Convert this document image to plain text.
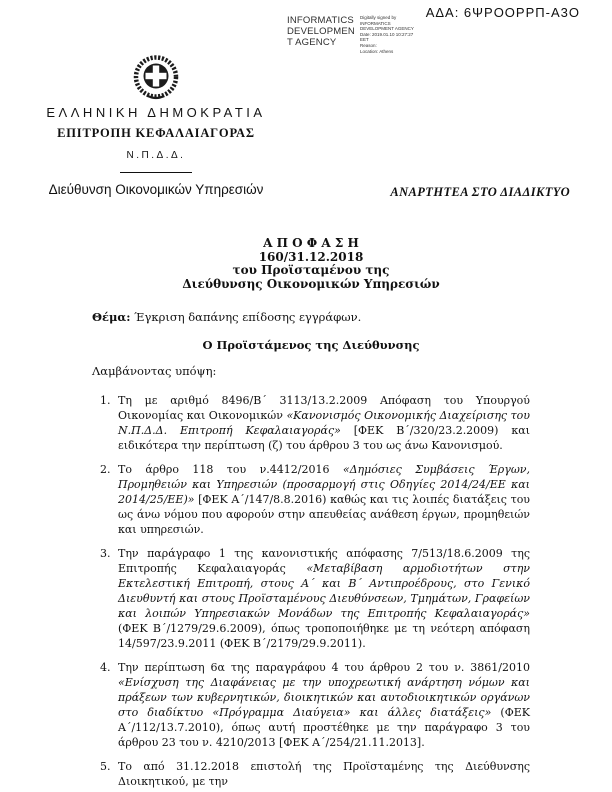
ΑΔΑ: 6ΨΡΟΟΡΡΠ-Α3Ο
INFORMATICS
DEVELOPMEN
T AGENCY
Digitally signed by
INFORMATICS
DEVELOPMENT AGENCY
Date: 2019.01.10 10:27:27
EET
Reason:
Location: Athens
ΕΛΛΗΝΙΚΗ ΔΗΜΟΚΡΑΤΙΑ
ΕΠΙΤΡΟΠΗ ΚΕΦΑΛΑΙΑΓΟΡΑΣ
Ν.Π.Δ.Δ.
Διεύθυνση Οικονομικών Υπηρεσιών	ΑΝΑΡΤΗΤΕΑ ΣΤΟ ΔΙΑΔΙΚΤΥΟ
Α Π Ο Φ Α Σ Η
160/31.12.2018
του Προϊσταμένου της
Διεύθυνσης Οικονομικών Υπηρεσιών
Θέμα: Έγκριση δαπάνης επίδοσης εγγράφων.
Ο Προϊστάμενος της Διεύθυνσης
Λαμβάνοντας υπόψη:
1. Τη με αριθμό 8496/Β΄ 3113/13.2.2009 Απόφαση του Υπουργού Οικονομίας και Οικονομικών «Κανονισμός Οικονομικής Διαχείρισης του Ν.Π.Δ.Δ. Επιτροπή Κεφαλαιαγοράς» [ΦΕΚ Β΄/320/23.2.2009) και ειδικότερα την περίπτωση (ζ) του άρθρου 3 του ως άνω Κανονισμού.
2. Το άρθρο 118 του ν.4412/2016 «Δημόσιες Συμβάσεις Έργων, Προμηθειών και Υπηρεσιών (προσαρμογή στις Οδηγίες 2014/24/ΕΕ και 2014/25/ΕΕ)» [ΦΕΚ Α΄/147/8.8.2016) καθώς και τις λοιπές διατάξεις του ως άνω νόμου που αφορούν στην απευθείας ανάθεση έργων, προμηθειών και υπηρεσιών.
3. Την παράγραφο 1 της κανονιστικής απόφασης 7/513/18.6.2009 της Επιτροπής Κεφαλαιαγοράς «Μεταβίβαση αρμοδιοτήτων στην Εκτελεστική Επιτροπή, στους Α΄ και Β΄ Αντιπροέδρους, στο Γενικό Διευθυντή και στους Προϊσταμένους Διευθύνσεων, Τμημάτων, Γραφείων και λοιπών Υπηρεσιακών Μονάδων της Επιτροπής Κεφαλαιαγοράς» (ΦΕΚ Β΄/1279/29.6.2009), όπως τροποποιήθηκε με τη νεότερη απόφαση 14/597/23.9.2011 (ΦΕΚ Β΄/2179/29.9.2011).
4. Την περίπτωση 6α της παραγράφου 4 του άρθρου 2 του ν. 3861/2010 «Ενίσχυση της Διαφάνειας με την υποχρεωτική ανάρτηση νόμων και πράξεων των κυβερνητικών, διοικητικών και αυτοδιοικητικών οργάνων στο διαδίκτυο «Πρόγραμμα Διαύγεια» και άλλες διατάξεις» (ΦΕΚ Α΄/112/13.7.2010), όπως αυτή προστέθηκε με την παράγραφο 3 του άρθρου 23 του ν. 4210/2013 [ΦΕΚ Α΄/254/21.11.2013].
5. Το από 31.12.2018 επιστολή της Προϊσταμένης της Διεύθυνσης Διοικητικού, με την
